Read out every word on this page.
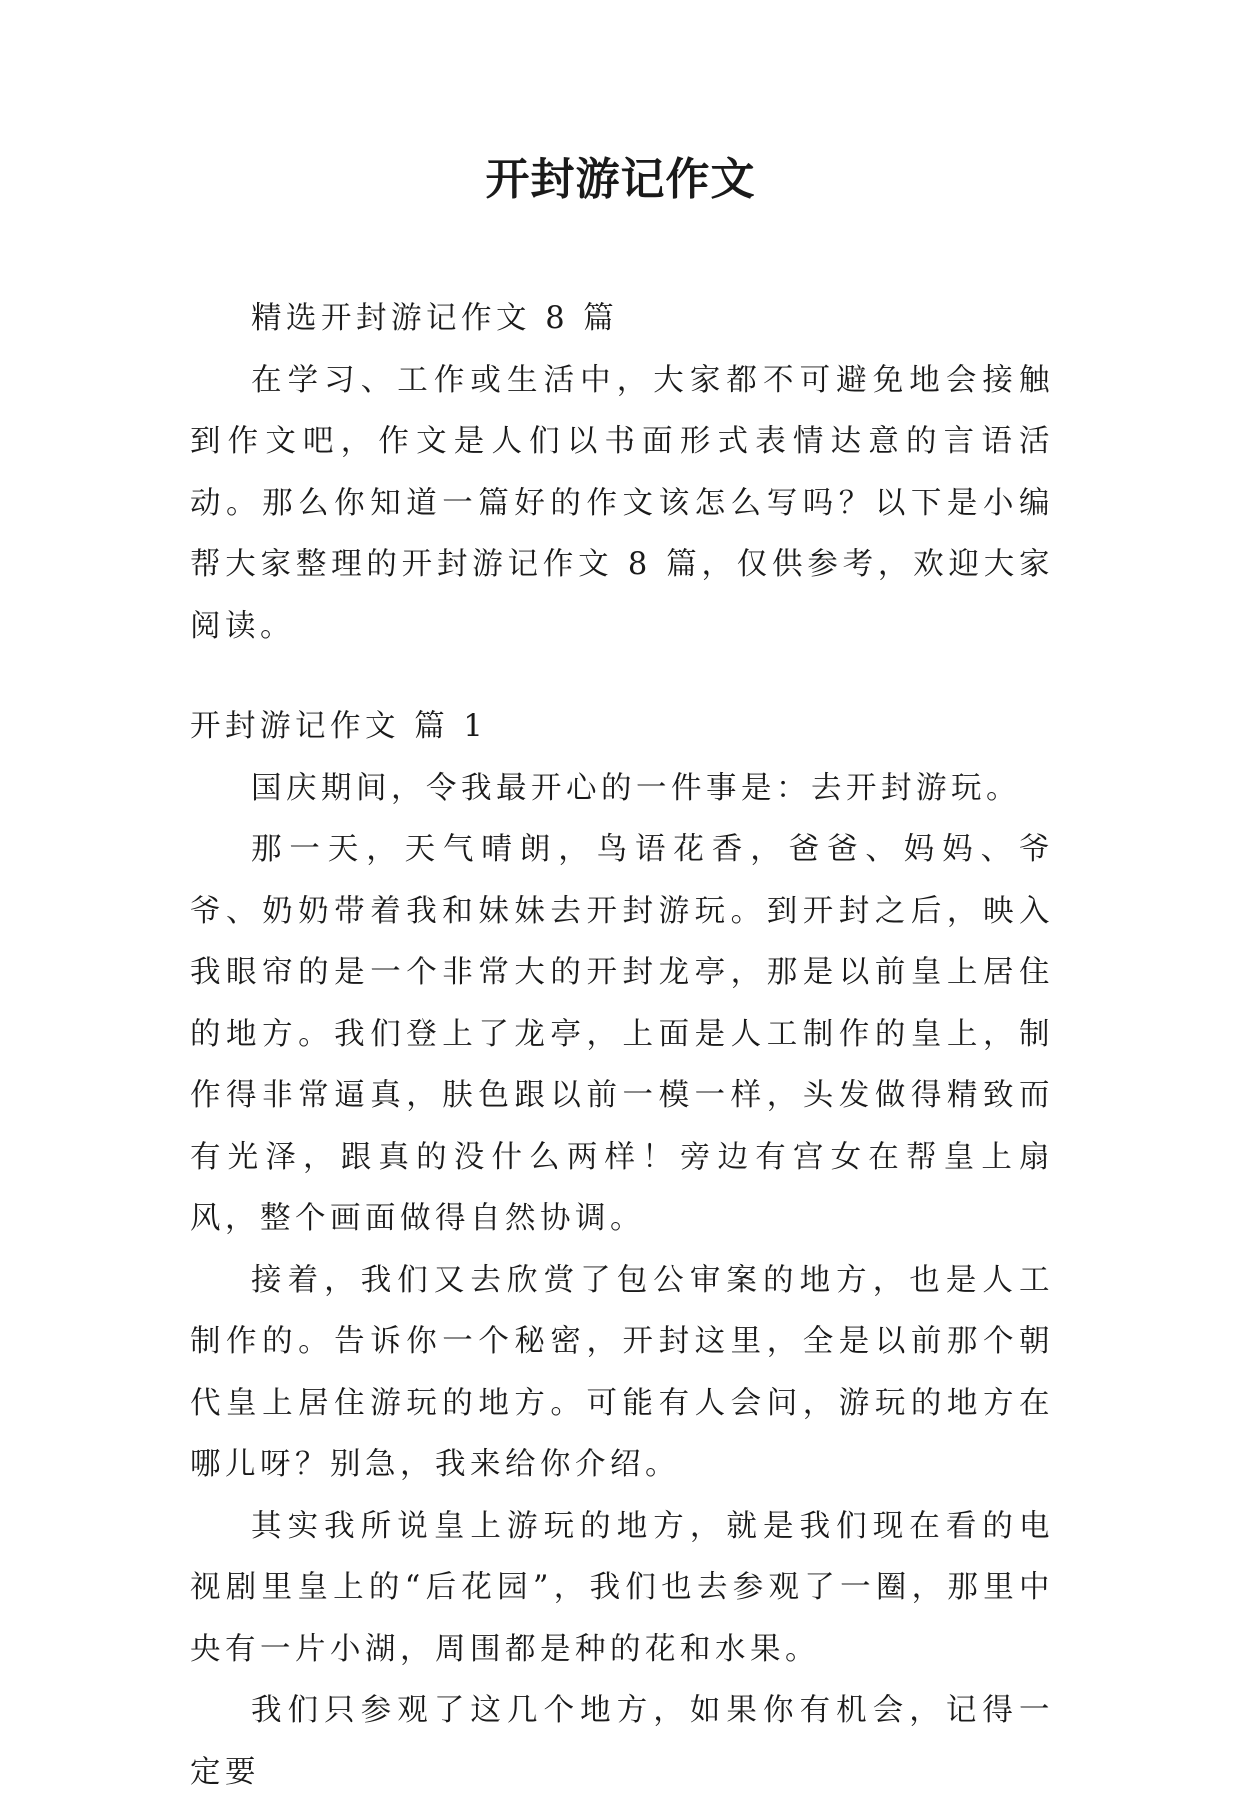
开封游记作文

精选开封游记作文 8 篇

在学习、工作或生活中，大家都不可避免地会接触到作文吧，作文是人们以书面形式表情达意的言语活动。那么你知道一篇好的作文该怎么写吗？以下是小编帮大家整理的开封游记作文 8 篇，仅供参考，欢迎大家阅读。

开封游记作文 篇 1

国庆期间，令我最开心的一件事是：去开封游玩。

那一天，天气晴朗，鸟语花香，爸爸、妈妈、爷爷、奶奶带着我和妹妹去开封游玩。到开封之后，映入我眼帘的是一个非常大的开封龙亭，那是以前皇上居住的地方。我们登上了龙亭，上面是人工制作的皇上，制作得非常逼真，肤色跟以前一模一样，头发做得精致而有光泽，跟真的没什么两样！旁边有宫女在帮皇上扇风，整个画面做得自然协调。

接着，我们又去欣赏了包公审案的地方，也是人工制作的。告诉你一个秘密，开封这里，全是以前那个朝代皇上居住游玩的地方。可能有人会问，游玩的地方在哪儿呀？别急，我来给你介绍。

其实我所说皇上游玩的地方，就是我们现在看的电视剧里皇上的“后花园”，我们也去参观了一圈，那里中央有一片小湖，周围都是种的花和水果。

我们只参观了这几个地方，如果你有机会，记得一定要
